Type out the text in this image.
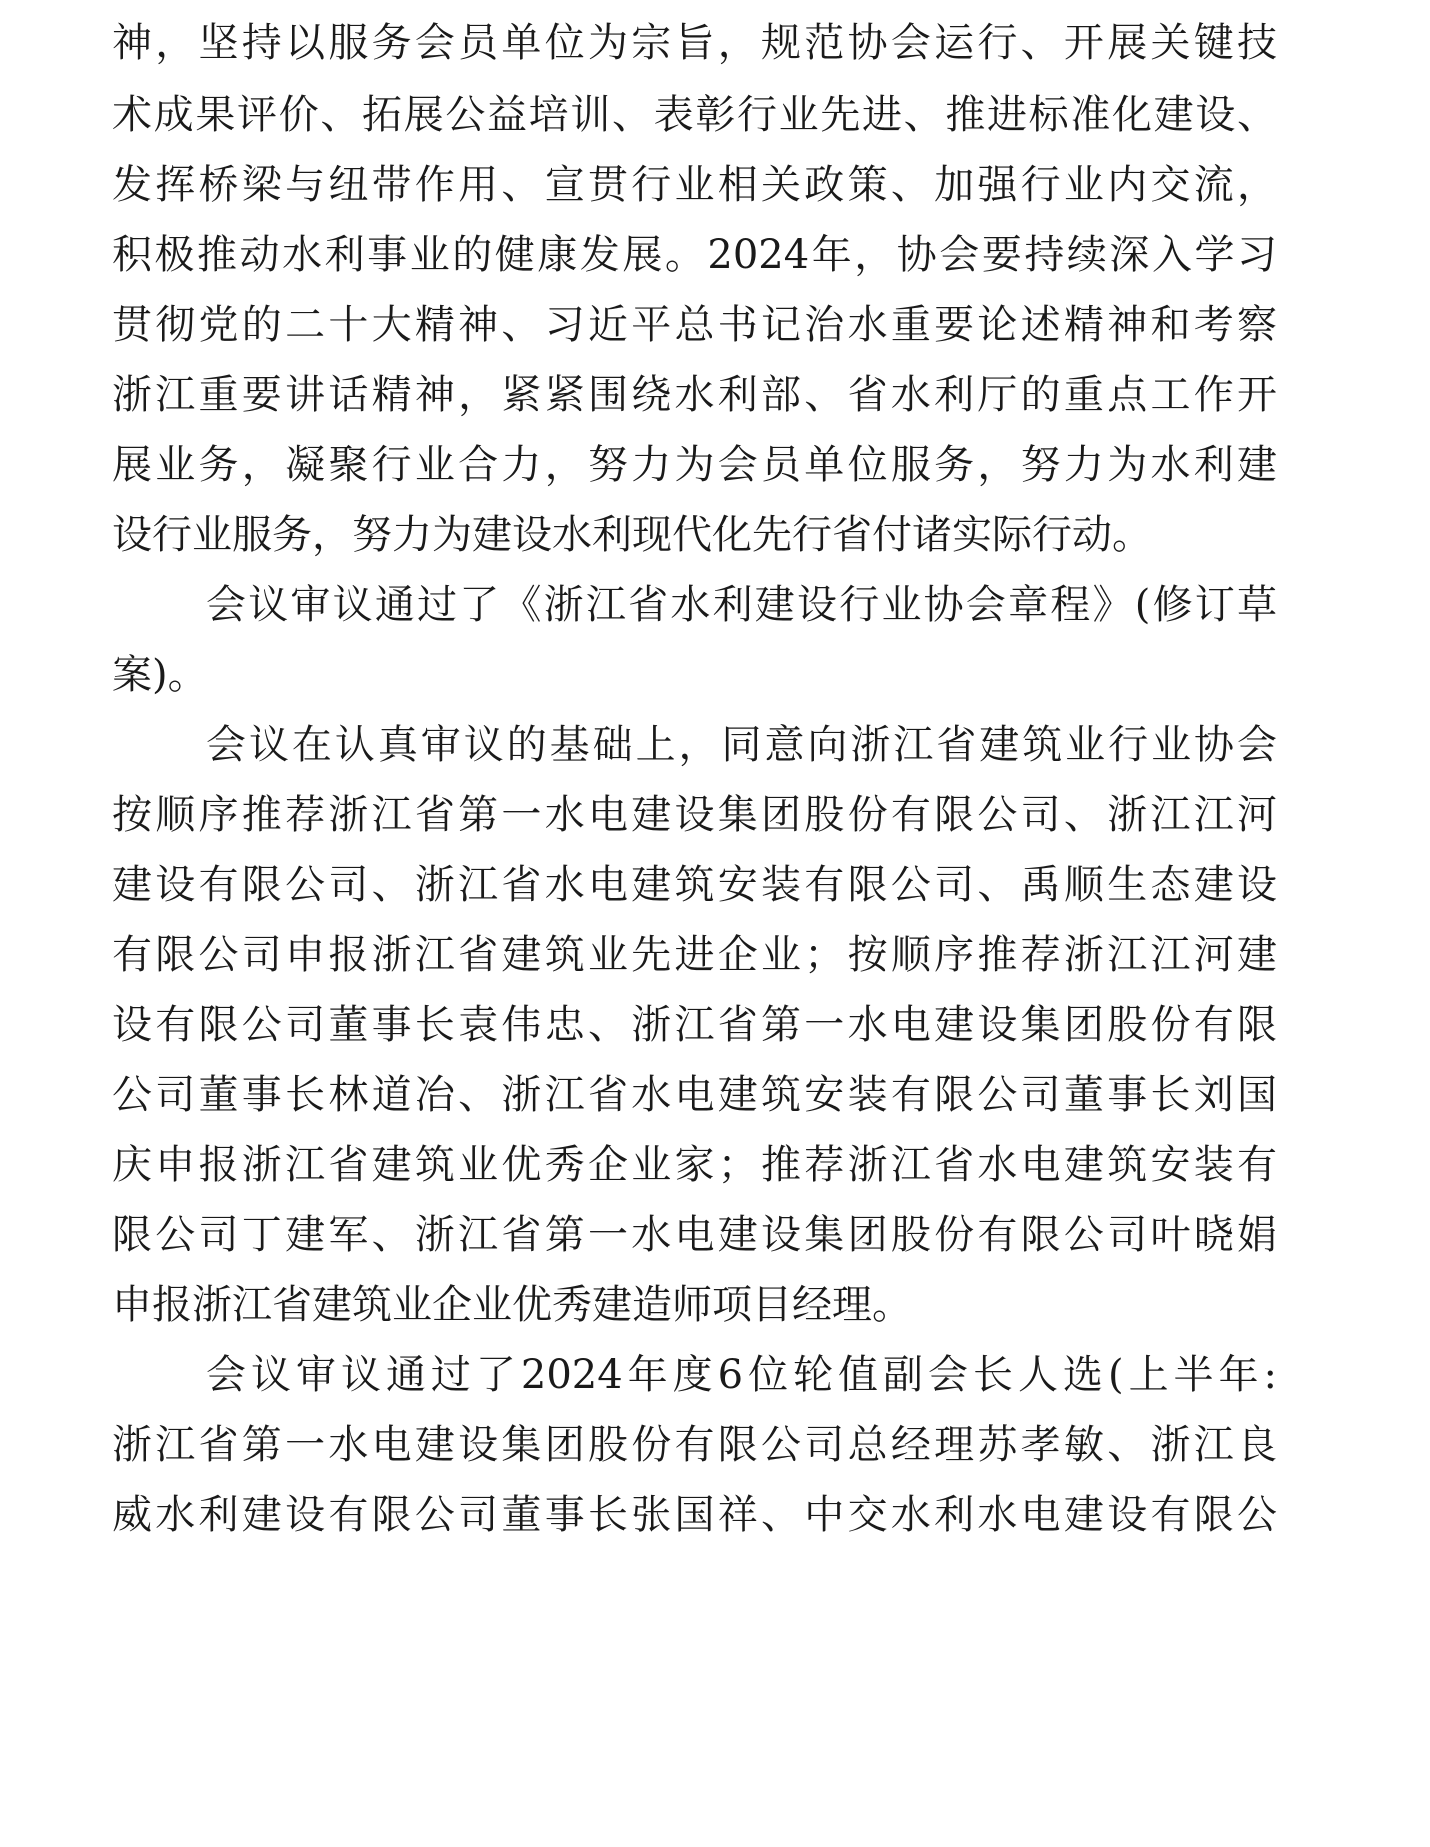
神，坚持以服务会员单位为宗旨，规范协会运行、开展关键技

术成果评价、拓展公益培训、表彰行业先进、推进标准化建设、

发挥桥梁与纽带作用、宣贯行业相关政策、加强行业内交流，

积极推动水利事业的健康发展。2024年，协会要持续深入学习

贯彻党的二十大精神、习近平总书记治水重要论述精神和考察

浙江重要讲话精神，紧紧围绕水利部、省水利厅的重点工作开

展业务，凝聚行业合力，努力为会员单位服务，努力为水利建

设行业服务，努力为建设水利现代化先行省付诸实际行动。

会议审议通过了《浙江省水利建设行业协会章程》(修订草

案)。

会议在认真审议的基础上，同意向浙江省建筑业行业协会

按顺序推荐浙江省第一水电建设集团股份有限公司、浙江江河

建设有限公司、浙江省水电建筑安装有限公司、禹顺生态建设

有限公司申报浙江省建筑业先进企业；按顺序推荐浙江江河建

设有限公司董事长袁伟忠、浙江省第一水电建设集团股份有限

公司董事长林道冶、浙江省水电建筑安装有限公司董事长刘国

庆申报浙江省建筑业优秀企业家；推荐浙江省水电建筑安装有

限公司丁建军、浙江省第一水电建设集团股份有限公司叶晓娟

申报浙江省建筑业企业优秀建造师项目经理。

会议审议通过了2024年度6位轮值副会长人选(上半年:

浙江省第一水电建设集团股份有限公司总经理苏孝敏、浙江良

威水利建设有限公司董事长张国祥、中交水利水电建设有限公
